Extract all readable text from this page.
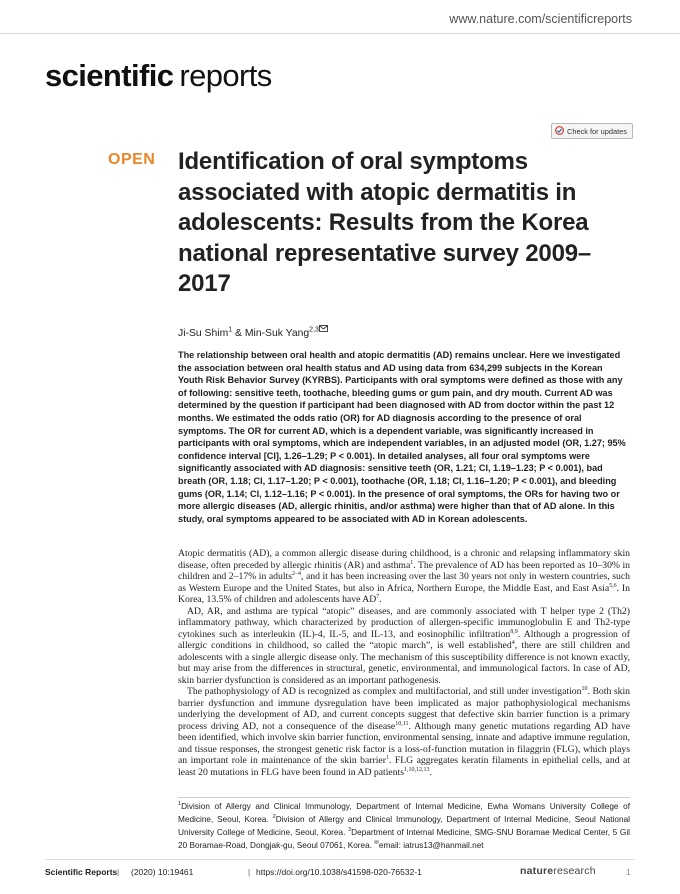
www.nature.com/scientificreports
scientific reports
Check for updates
OPEN Identification of oral symptoms associated with atopic dermatitis in adolescents: Results from the Korea national representative survey 2009–2017
Ji-Su Shim$^1$ & Min-Suk Yang$^{2,3}$

The relationship between oral health and atopic dermatitis (AD) remains unclear. Here we investigated the association between oral health status and AD using data from 634,299 subjects in the Korean Youth Risk Behavior Survey (KYRBS). Participants with oral symptoms were defined as those with any of following: sensitive teeth, toothache, bleeding gums or gum pain, and dry mouth. Current AD was determined by the question if participant had been diagnosed with AD from doctor within the past 12 months. We estimated the odds ratio (OR) for AD diagnosis according to the presence of oral symptoms. The OR for current AD, which is a dependent variable, was significantly increased in participants with oral symptoms, which are independent variables, in an adjusted model (OR, 1.27; 95% confidence interval [CI], 1.26–1.29; P < 0.001). In detailed analyses, all four oral symptoms were significantly associated with AD diagnosis: sensitive teeth (OR, 1.21; CI, 1.19–1.23; P < 0.001), bad breath (OR, 1.18; CI, 1.17–1.20; P < 0.001), toothache (OR, 1.18; CI, 1.16–1.20; P < 0.001), and bleeding gums (OR, 1.14; CI, 1.12–1.16; P < 0.001). In the presence of oral symptoms, the ORs for having two or more allergic diseases (AD, allergic rhinitis, and/or asthma) were higher than that of AD alone. In this study, oral symptoms appeared to be associated with AD in Korean adolescents.

Atopic dermatitis (AD), a common allergic disease during childhood, is a chronic and relapsing inflammatory skin disease, often preceded by allergic rhinitis (AR) and asthma$^1$. The prevalence of AD has been reported as 10–30% in children and 2–17% in adults$^{2-4}$, and it has been increasing over the last 30 years not only in western countries, such as Western Europe and the United States, but also in Africa, Northern Europe, the Middle East, and East Asia$^{5,6}$. In Korea, 13.5% of children and adolescents have $AD^7$.

AD, AR, and asthma are typical “atopic” diseases, and are commonly associated with T helper type 2 (Th2) inflammatory pathway, which characterized by production of allergen-specific immunoglobulin E and Th2-type cytokines such as interleukin (IL)-4, IL-5, and IL-13, and eosinophilic infiltration$^{8,9}$. Although a progression of allergic conditions in childhood, so called the “atopic march”, is well established$^4$, there are still children and adolescents with a single allergic disease only. The mechanism of this susceptibility difference is not known exactly, but may arise from the differences in structural, genetic, environmental, and immunological factors. In case of AD, skin barrier dysfunction is considered as an important pathogenesis.

The pathophysiology of AD is recognized as complex and multifactorial, and still under investigation$^{10}$. Both skin barrier dysfunction and immune dysregulation have been implicated as major pathophysiological mechanisms underlying the development of AD, and current concepts suggest that defective skin barrier function is a primary process driving AD, not a consequence of the disease$^{10,11}$. Although many genetic mutations regarding AD have been identified, which involve skin barrier function, environmental sensing, innate and adaptive immune regulation, and tissue responses, the strongest genetic risk factor is a loss-of-function mutation in filaggrin (FLG), which plays an important role in maintenance of the skin barrier$^1$. FLG aggregates keratin filaments in epithelial cells, and at least 20 mutations in FLG have been found in AD patients$^{1,10,12,13}$.

$^1$Division of Allergy and Clinical Immunology, Department of Internal Medicine, Ewha Womans University College of Medicine, Seoul, Korea. $^2$Division of Allergy and Clinical Immunology, Department of Internal Medicine, Seoul National University College of Medicine, Seoul, Korea. $^3$Department of Internal Medicine, SMG-SNU Boramae Medical Center, 5 Gil 20 Boramae-Road, Dongjak-gu, Seoul 07061, Korea. ✉email: iatrus13@hanmail.net

Scientific Reports | (2020) 10:19461	| https://doi.org/10.1038/s41598-020-76532-1	natureresearch	1
